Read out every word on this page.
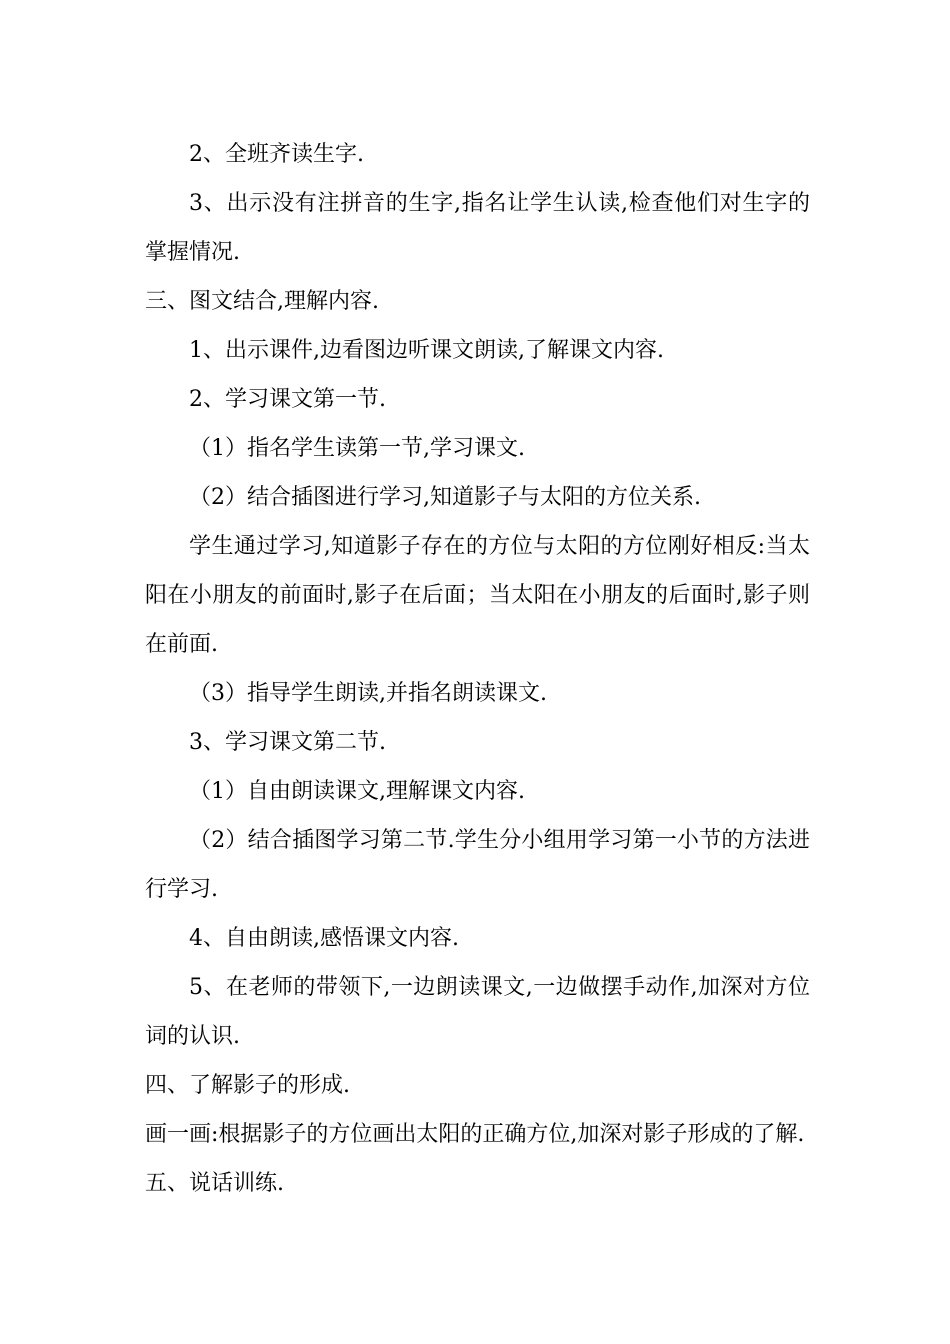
2、全班齐读生字.

3、出示没有注拼音的生字,指名让学生认读,检查他们对生字的掌握情况.

三、图文结合,理解内容.

1、出示课件,边看图边听课文朗读,了解课文内容.

2、学习课文第一节.

（1）指名学生读第一节,学习课文.

（2）结合插图进行学习,知道影子与太阳的方位关系.

学生通过学习,知道影子存在的方位与太阳的方位刚好相反:当太阳在小朋友的前面时,影子在后面；当太阳在小朋友的后面时,影子则在前面.

（3）指导学生朗读,并指名朗读课文.

3、学习课文第二节.

（1）自由朗读课文,理解课文内容.

（2）结合插图学习第二节.学生分小组用学习第一小节的方法进行学习.

4、自由朗读,感悟课文内容.

5、在老师的带领下,一边朗读课文,一边做摆手动作,加深对方位词的认识.

四、了解影子的形成.

画一画:根据影子的方位画出太阳的正确方位,加深对影子形成的了解.

五、说话训练.
